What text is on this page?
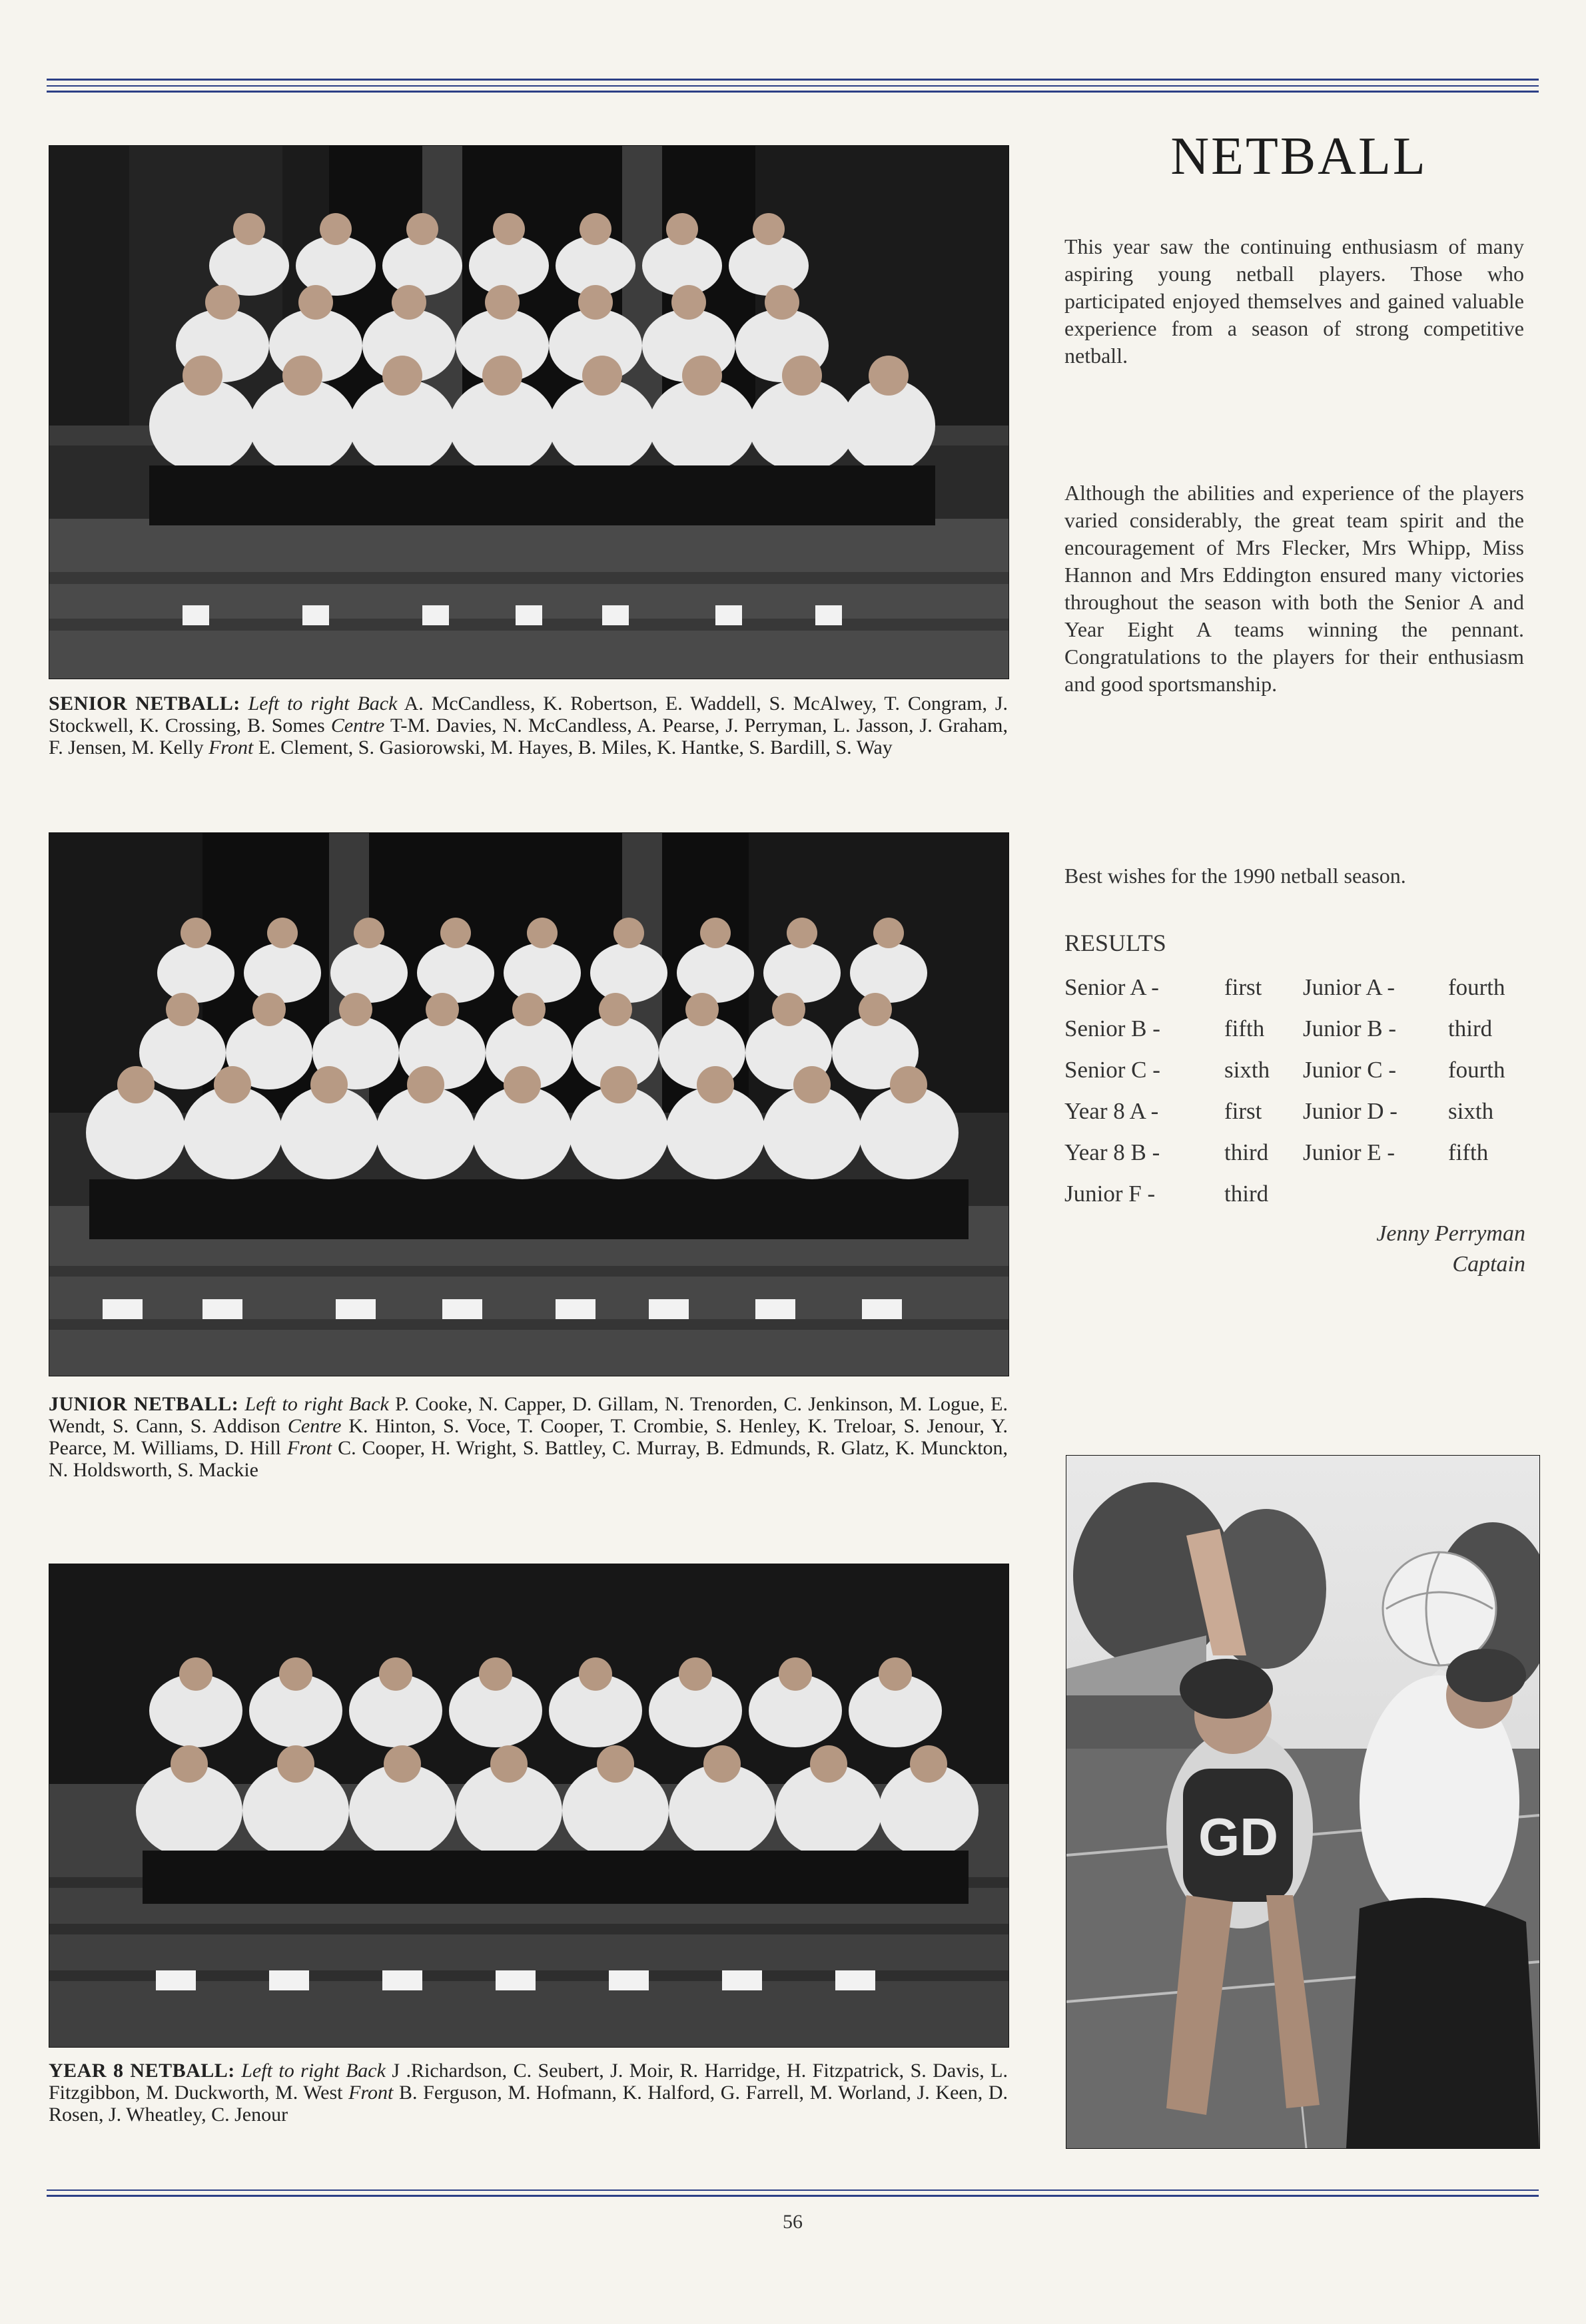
SENIOR NETBALL: Left to right Back A. McCandless, K. Robertson, E. Waddell, S. McAlwey, T. Congram, J. Stockwell, K. Crossing, B. Somes Centre T-M. Davies, N. McCandless, A. Pearse, J. Perryman, L. Jasson, J. Graham, F. Jensen, M. Kelly Front E. Clement, S. Gasiorowski, M. Hayes, B. Miles, K. Hantke, S. Bardill, S. Way
JUNIOR NETBALL: Left to right Back P. Cooke, N. Capper, D. Gillam, N. Trenorden, C. Jenkinson, M. Logue, E. Wendt, S. Cann, S. Addison Centre K. Hinton, S. Voce, T. Cooper, T. Crombie, S. Henley, K. Treloar, S. Jenour, Y. Pearce, M. Williams, D. Hill Front C. Cooper, H. Wright, S. Battley, C. Murray, B. Edmunds, R. Glatz, K. Munckton, N. Holdsworth, S. Mackie
YEAR 8 NETBALL: Left to right Back J .Richardson, C. Seubert, J. Moir, R. Harridge, H. Fitzpatrick, S. Davis, L. Fitzgibbon, M. Duckworth, M. West Front B. Ferguson, M. Hofmann, K. Halford, G. Farrell, M. Worland, J. Keen, D. Rosen, J. Wheatley, C. Jenour
GD
NETBALL
This year saw the continuing enthusiasm of many aspiring young netball players. Those who participated enjoyed themselves and gained valuable experience from a season of strong competitive netball.
Although the abilities and experience of the players varied considerably, the great team spirit and the encouragement of Mrs Flecker, Mrs Whipp, Miss Hannon and Mrs Eddington ensured many victories throughout the season with both the Senior A and Year Eight A teams winning the pennant. Congratulations to the players for their enthusiasm and good sportsmanship.
Best wishes for the 1990 netball season.
RESULTS
Senior A -	first	Junior A -	fourth
Senior B -	fifth	Junior B -	third
Senior C -	sixth	Junior C -	fourth
Year 8 A -	first	Junior D -	sixth
Year 8 B -	third	Junior E -	fifth
Junior F -	third
Jenny Perryman
Captain
56
